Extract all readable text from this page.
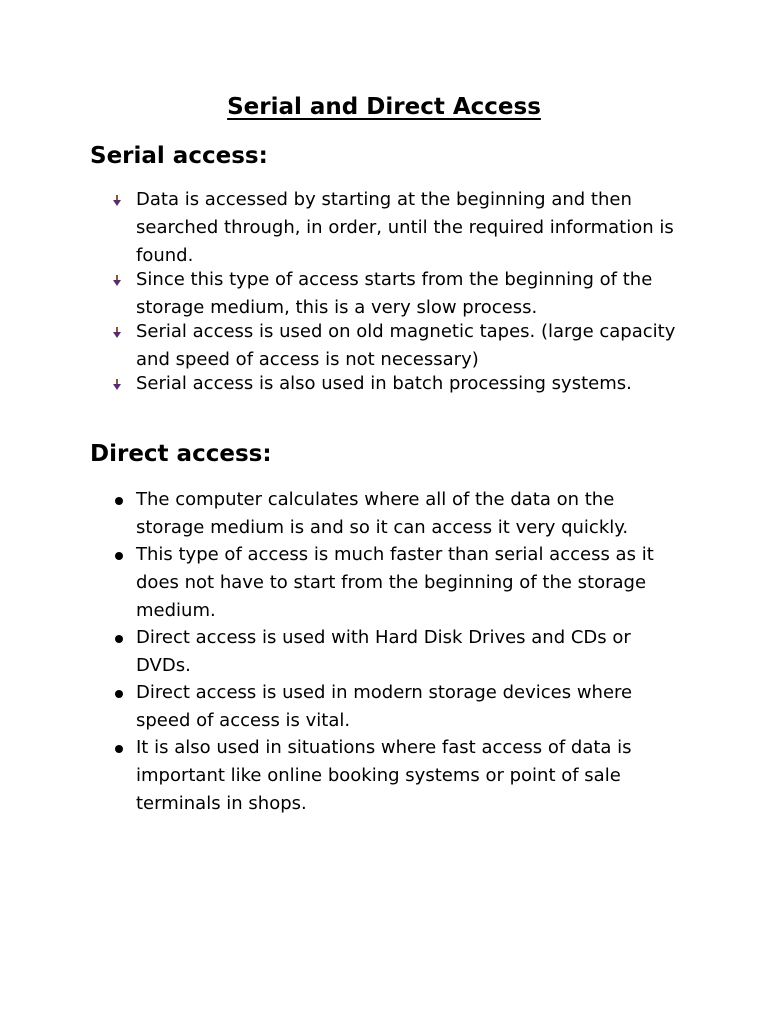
Serial and Direct Access
Serial access:
Data is accessed by starting at the beginning and then searched through, in order, until the required information is found.
Since this type of access starts from the beginning of the storage medium, this is a very slow process.
Serial access is used on old magnetic tapes. (large capacity and speed of access is not necessary)
Serial access is also used in batch processing systems.
Direct access:
The computer calculates where all of the data on the storage medium is and so it can access it very quickly.
This type of access is much faster than serial access as it does not have to start from the beginning of the storage medium.
Direct access is used with Hard Disk Drives and CDs or DVDs.
Direct access is used in modern storage devices where speed of access is vital.
It is also used in situations where fast access of data is important like online booking systems or point of sale terminals in shops.
